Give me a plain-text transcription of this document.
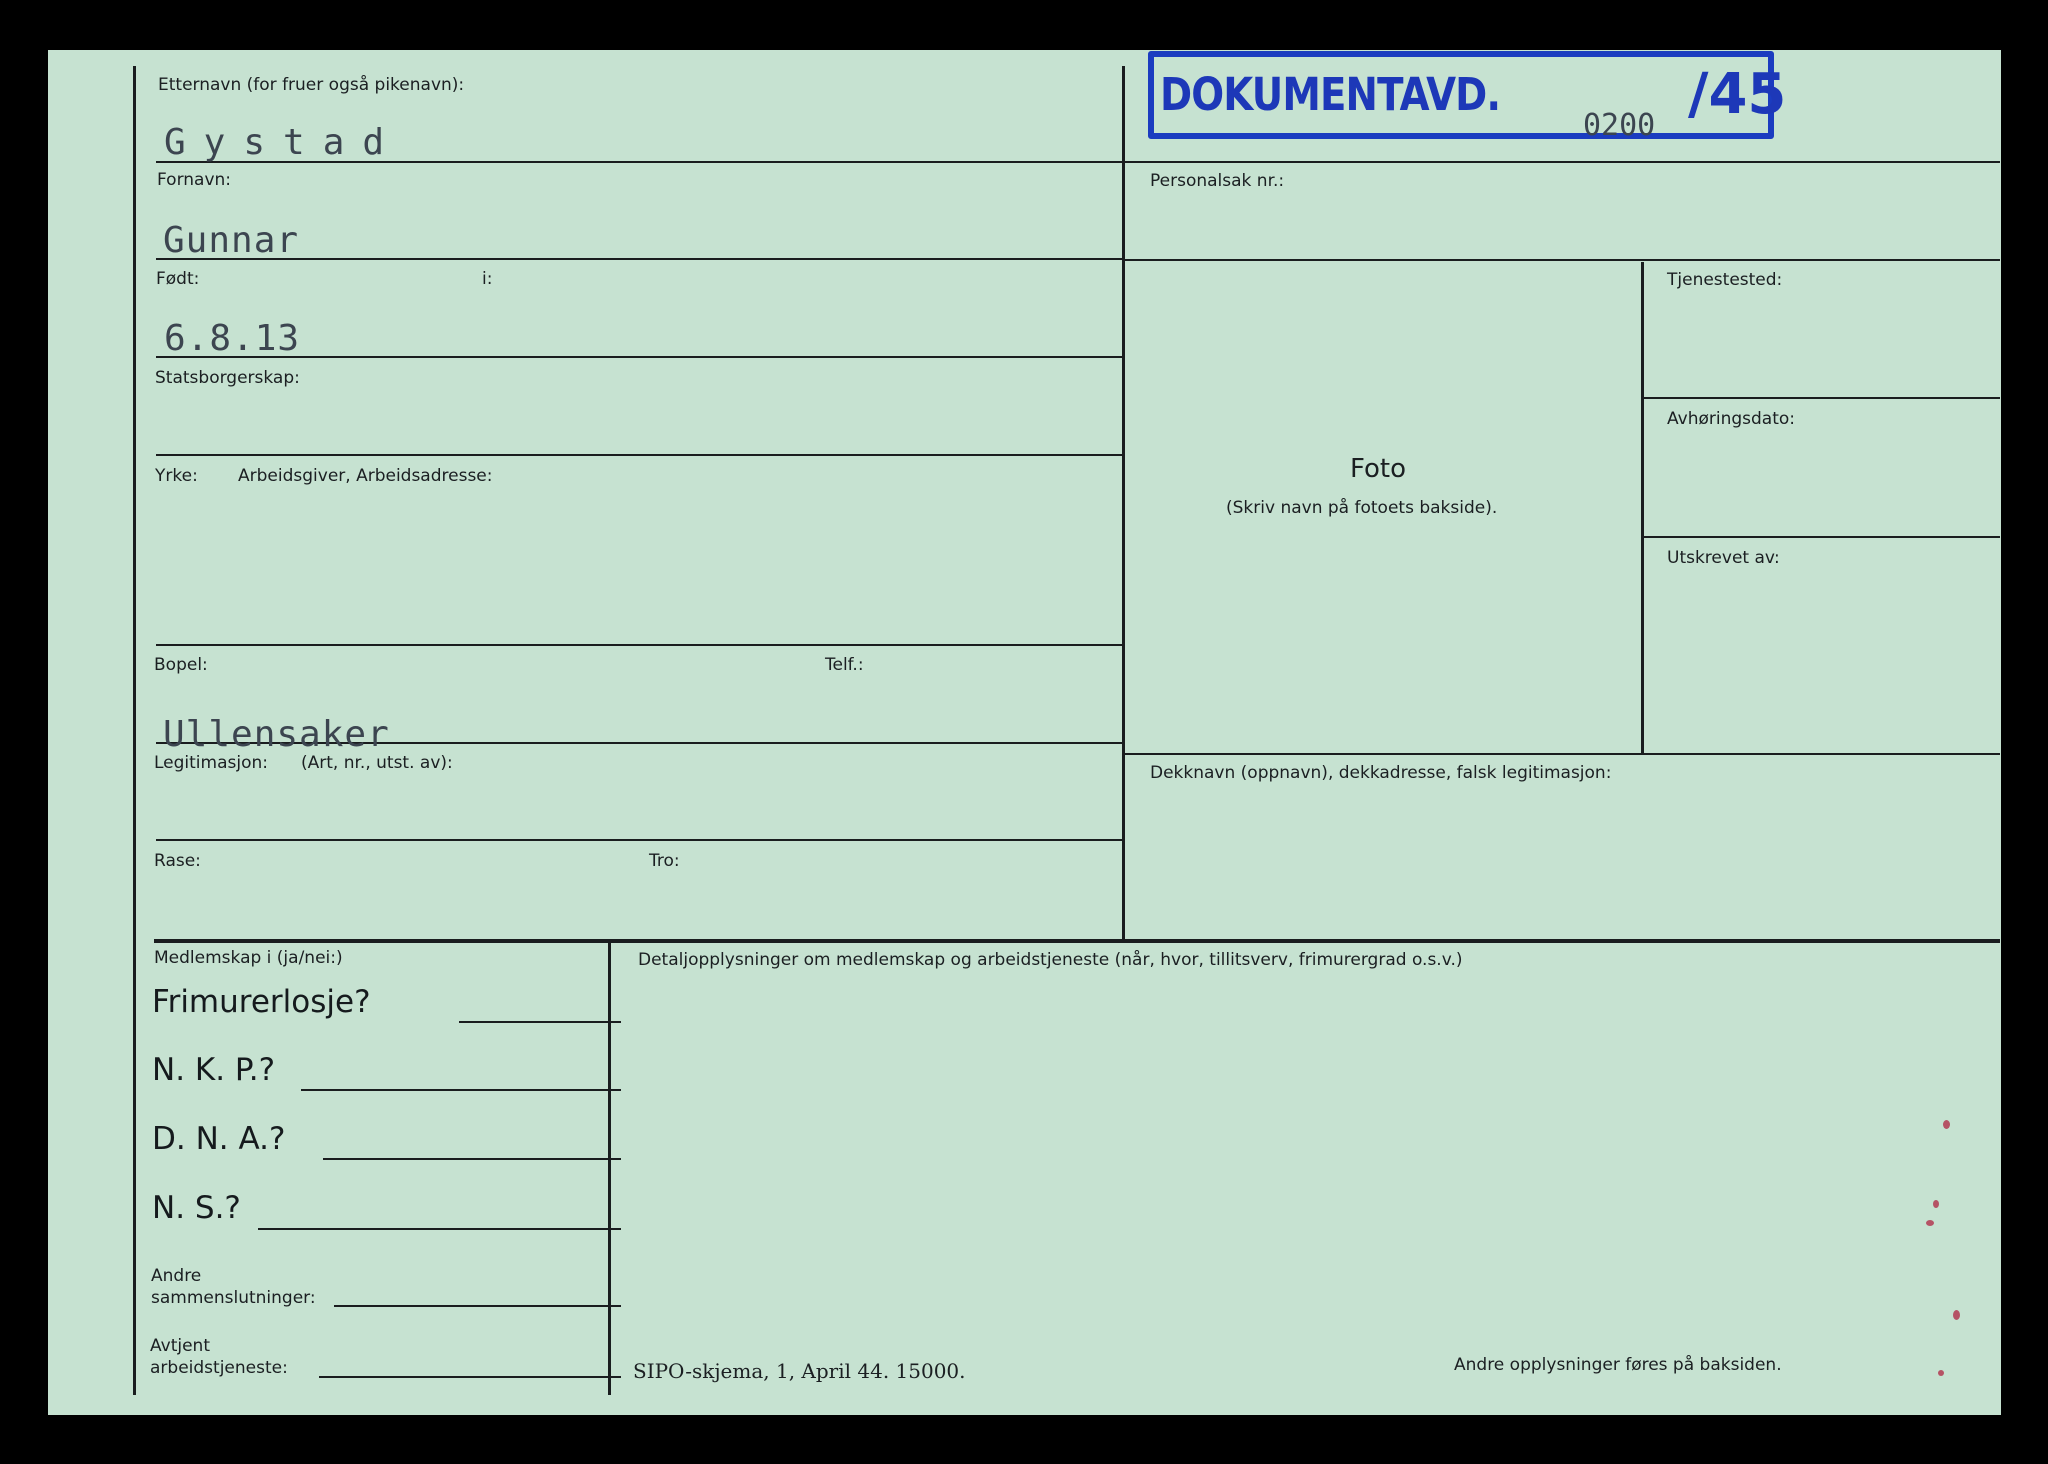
Etternavn (for fruer også pikenavn):
Gystad
Fornavn:
Gunnar
Født:	i:
6.8.13
Statsborgerskap:
Yrke: Arbeidsgiver, Arbeidsadresse:
Bopel:	Telf.:
Ullensaker
Legitimasjon: (Art, nr., utst. av):
Rase:	Tro:
Personalsak nr.:
Foto
(Skriv navn på fotoets bakside).
Tjenestested:
Avhøringsdato:
Utskrevet av:
Dekknavn (oppnavn), dekkadresse, falsk legitimasjon:
DOKUMENTAVD.	/45
0200
Medlemskap i (ja/nei:)
Frimurerlosje?
N. K. P.?
D. N. A.?
N. S.?
Andre
sammenslutninger:
Avtjent
arbeidstjeneste:
Detaljopplysninger om medlemskap og arbeidstjeneste (når, hvor, tillitsverv, frimurergrad o.s.v.)
SIPO-skjema, 1, April 44. 15000.	Andre opplysninger føres på baksiden.
